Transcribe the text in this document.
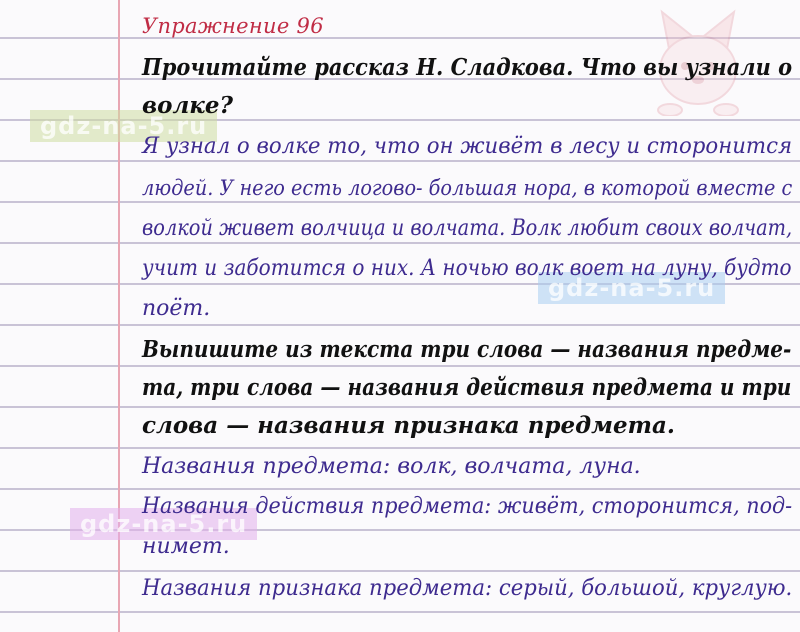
gdz-na-5.ru
gdz-na-5.ru
gdz-na-5.ru
Упражнение 96
Прочитайте рассказ Н. Сладкова. Что вы узнали о
волке?
Я узнал о волке то, что он живёт в лесу и сторонится
людей. У него есть логово- большая нора, в которой вместе с
волкой живет волчица и волчата. Волк любит своих волчат,
учит и заботится о них. А ночью волк воет на луну, будто
поёт.
Выпишите из текста три слова — названия предме-
та, три слова — названия действия предмета и три
слова — названия признака предмета.
Названия предмета: волк, волчата, луна.
Названия действия предмета: живёт, сторонится, под-
нимет.
Названия признака предмета: серый, большой, круглую.
